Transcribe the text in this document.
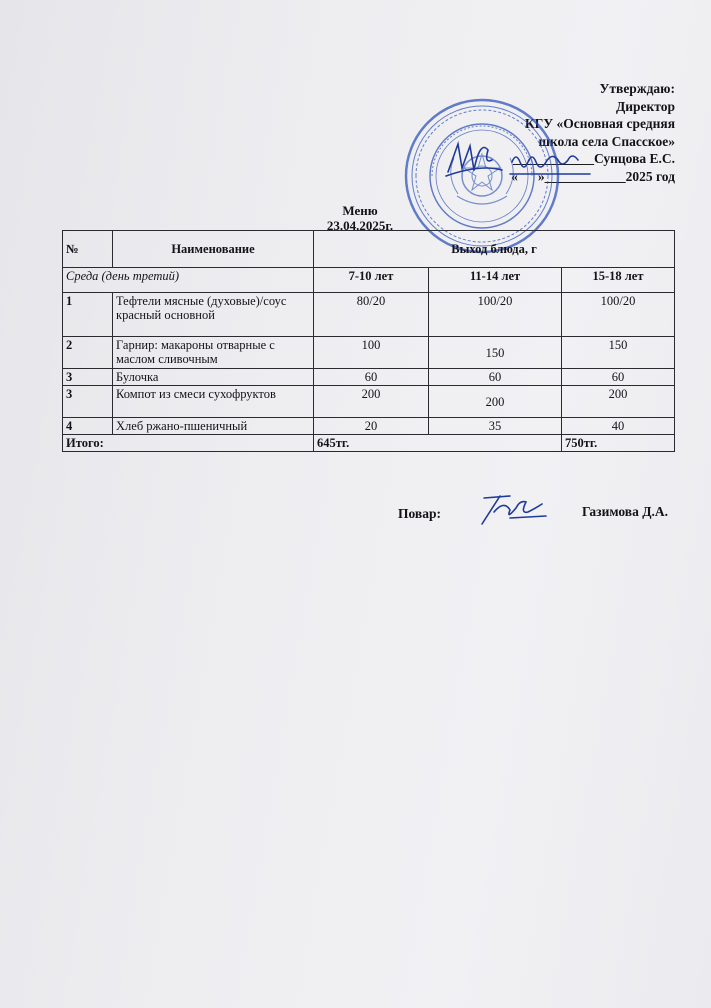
Утверждаю:
Директор
КГУ «Основная средняя
школа села Спасское»
____________Сунцова Е.С.
« »____________2025 год
Меню
23.04.2025г.
№	Наименование	Выход блюда, г		
Среда (день третий)		7-10 лет	11-14 лет	15-18 лет
1	Тефтели мясные (духовые)/соус красный основной	80/20	100/20	100/20
2	Гарнир: макароны отварные с маслом сливочным	100	150	150
3	Булочка	60	60	60
3	Компот из смеси сухофруктов	200	200	200
4	Хлеб ржано-пшеничный	20	35	40
Итого:		645тг.		750тг.
Повар:	Газимова Д.А.
